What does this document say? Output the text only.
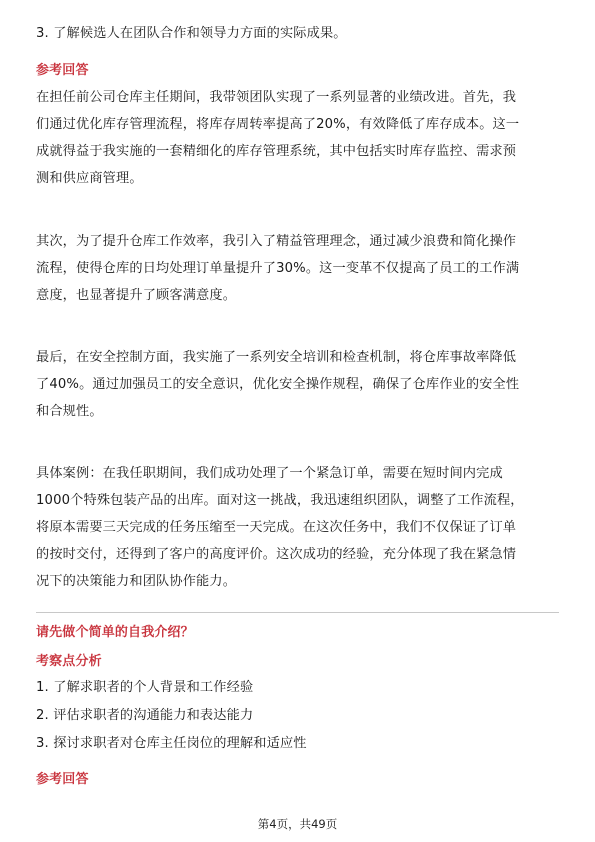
3. 了解候选人在团队合作和领导力方面的实际成果。
参考回答
在担任前公司仓库主任期间，我带领团队实现了一系列显著的业绩改进。首先，我
们通过优化库存管理流程，将库存周转率提高了20%，有效降低了库存成本。这一
成就得益于我实施的一套精细化的库存管理系统，其中包括实时库存监控、需求预
测和供应商管理。
其次，为了提升仓库工作效率，我引入了精益管理理念，通过减少浪费和简化操作
流程，使得仓库的日均处理订单量提升了30%。这一变革不仅提高了员工的工作满
意度，也显著提升了顾客满意度。
最后，在安全控制方面，我实施了一系列安全培训和检查机制，将仓库事故率降低
了40%。通过加强员工的安全意识，优化安全操作规程，确保了仓库作业的安全性
和合规性。
具体案例：在我任职期间，我们成功处理了一个紧急订单，需要在短时间内完成
1000个特殊包装产品的出库。面对这一挑战，我迅速组织团队，调整了工作流程，
将原本需要三天完成的任务压缩至一天完成。在这次任务中，我们不仅保证了订单
的按时交付，还得到了客户的高度评价。这次成功的经验，充分体现了我在紧急情
况下的决策能力和团队协作能力。
请先做个简单的自我介绍？
考察点分析
1. 了解求职者的个人背景和工作经验
2. 评估求职者的沟通能力和表达能力
3. 探讨求职者对仓库主任岗位的理解和适应性
参考回答
第4页，共49页
